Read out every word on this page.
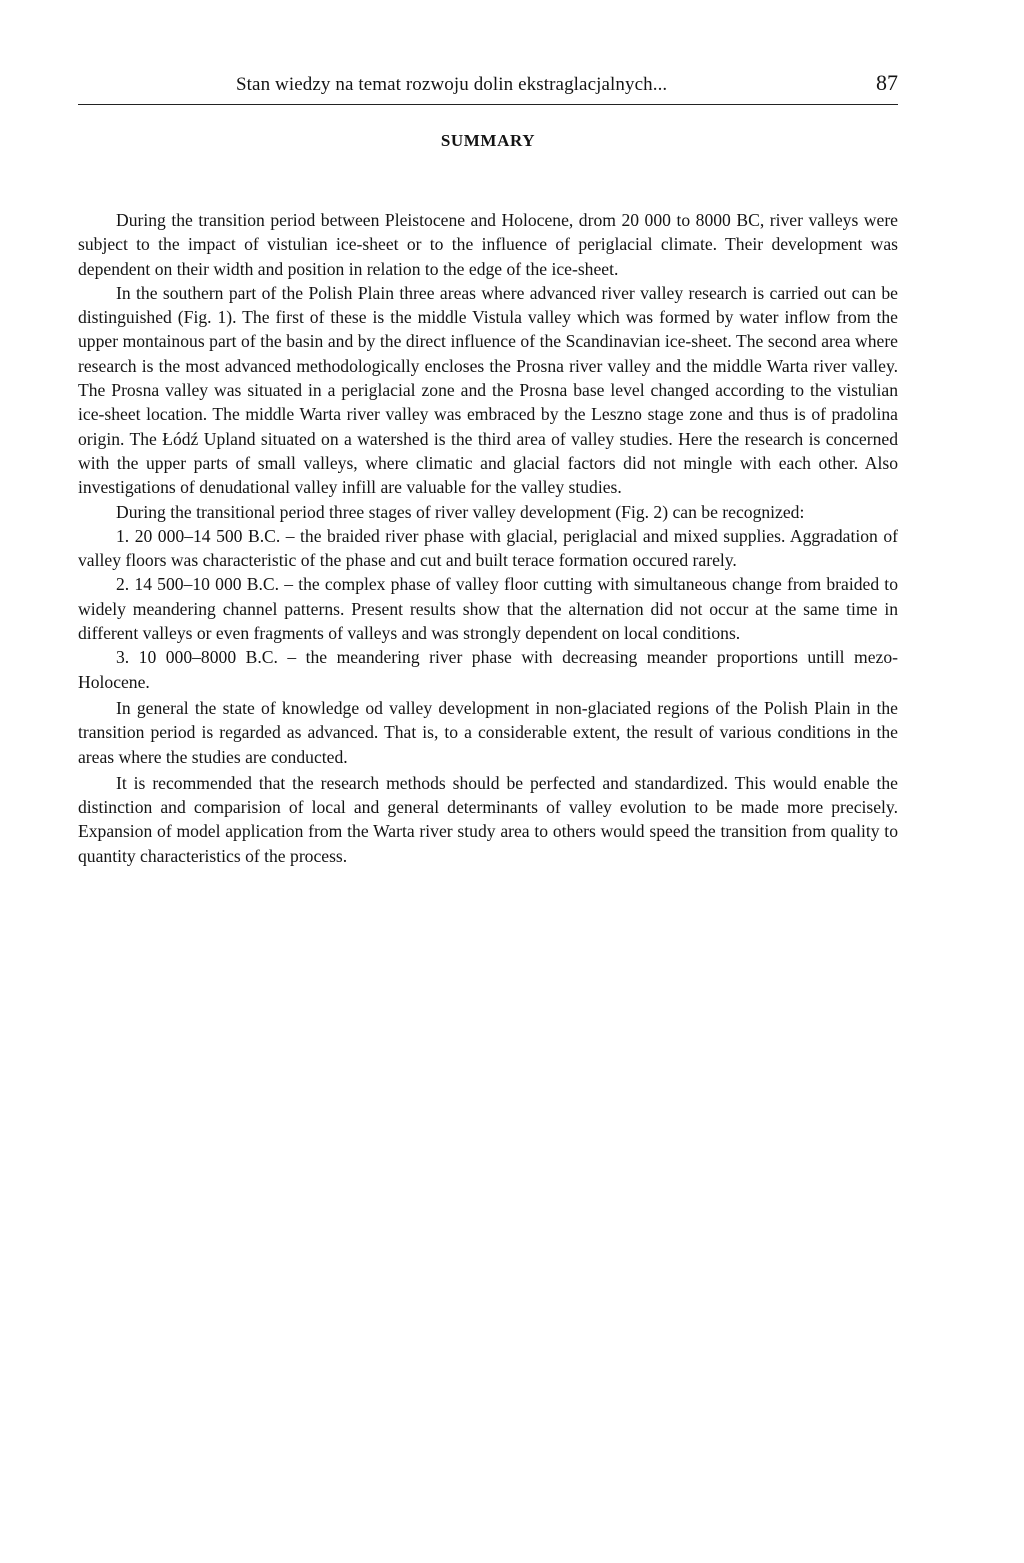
Stan wiedzy na temat rozwoju dolin ekstraglacjalnych...	87
SUMMARY

During the transition period between Pleistocene and Holocene, drom 20 000 to 8000 BC, river valleys were subject to the impact of vistulian ice-sheet or to the influence of periglacial climate. Their development was dependent on their width and position in relation to the edge of the ice-sheet.

In the southern part of the Polish Plain three areas where advanced river valley research is carried out can be distinguished (Fig. 1). The first of these is the middle Vistula valley which was formed by water inflow from the upper montainous part of the basin and by the direct influence of the Scandinavian ice-sheet. The second area where research is the most advanced methodologically encloses the Prosna river valley and the middle Warta river valley. The Prosna valley was situated in a periglacial zone and the Prosna base level changed according to the vistulian ice-sheet location. The middle Warta river valley was embraced by the Leszno stage zone and thus is of pradolina origin. The Łódź Upland situated on a watershed is the third area of valley studies. Here the research is concerned with the upper parts of small valleys, where climatic and glacial factors did not mingle with each other. Also investigations of denudational valley infill are valuable for the valley studies.

During the transitional period three stages of river valley development (Fig. 2) can be recognized:

1. 20 000–14 500 B.C. – the braided river phase with glacial, periglacial and mixed supplies. Aggradation of valley floors was characteristic of the phase and cut and built terace formation occured rarely.

2. 14 500–10 000 B.C. – the complex phase of valley floor cutting with simultaneous change from braided to widely meandering channel patterns. Present results show that the alternation did not occur at the same time in different valleys or even fragments of valleys and was strongly dependent on local conditions.

3. 10 000–8000 B.C. – the meandering river phase with decreasing meander proportions untill mezo-Holocene.

In general the state of knowledge od valley development in non-glaciated regions of the Polish Plain in the transition period is regarded as advanced. That is, to a considerable extent, the result of various conditions in the areas where the studies are conducted.

It is recommended that the research methods should be perfected and standardized. This would enable the distinction and comparision of local and general determinants of valley evolution to be made more precisely. Expansion of model application from the Warta river study area to others would speed the transition from quality to quantity characteristics of the process.
